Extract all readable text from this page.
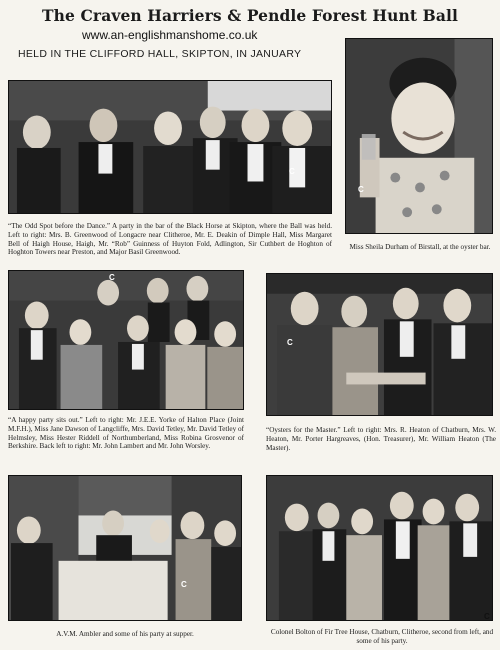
The Craven Harriers & Pendle Forest Hunt Ball
www.an-englishmanshome.co.uk
HELD IN THE CLIFFORD HALL, SKIPTON, IN JANUARY
C
“The Odd Spot before the Dance.” A party in the bar of the Black Horse at Skipton, where the Ball was held. Left to right: Mrs. B. Greenwood of Longacre near Clitheroe, Mr. E. Deakin of Dimple Hall, Miss Margaret Bell of Haigh House, Haigh, Mr. “Rob” Guinness of Huyton Fold, Adlington, Sir Cuthbert de Hoghton of Hoghton Towers near Preston, and Major Basil Greenwood.
C
Miss Sheila Durham of Birstall, at the oyster bar.
C
“A happy party sits out.” Left to right: Mr. J.E.E. Yorke of Halton Place (Joint M.F.H.), Miss Jane Dawson of Langcliffe, Mrs. David Tetley, Mr. David Tetley of Helmsley, Miss Hester Riddell of Northumberland, Miss Robina Grosvenor of Berkshire. Back left to right: Mr. John Lambert and Mr. John Worsley.
C
“Oysters for the Master.” Left to right: Mrs. R. Heaton of Chatburn, Mrs. W. Heaton, Mr. Porter Hargreaves, (Hon. Treasurer), Mr. William Heaton (The Master).
C
A.V.M. Ambler and some of his party at supper.
C
Colonel Bolton of Fir Tree House, Chatburn, Clitheroe, second from left, and some of his party.
